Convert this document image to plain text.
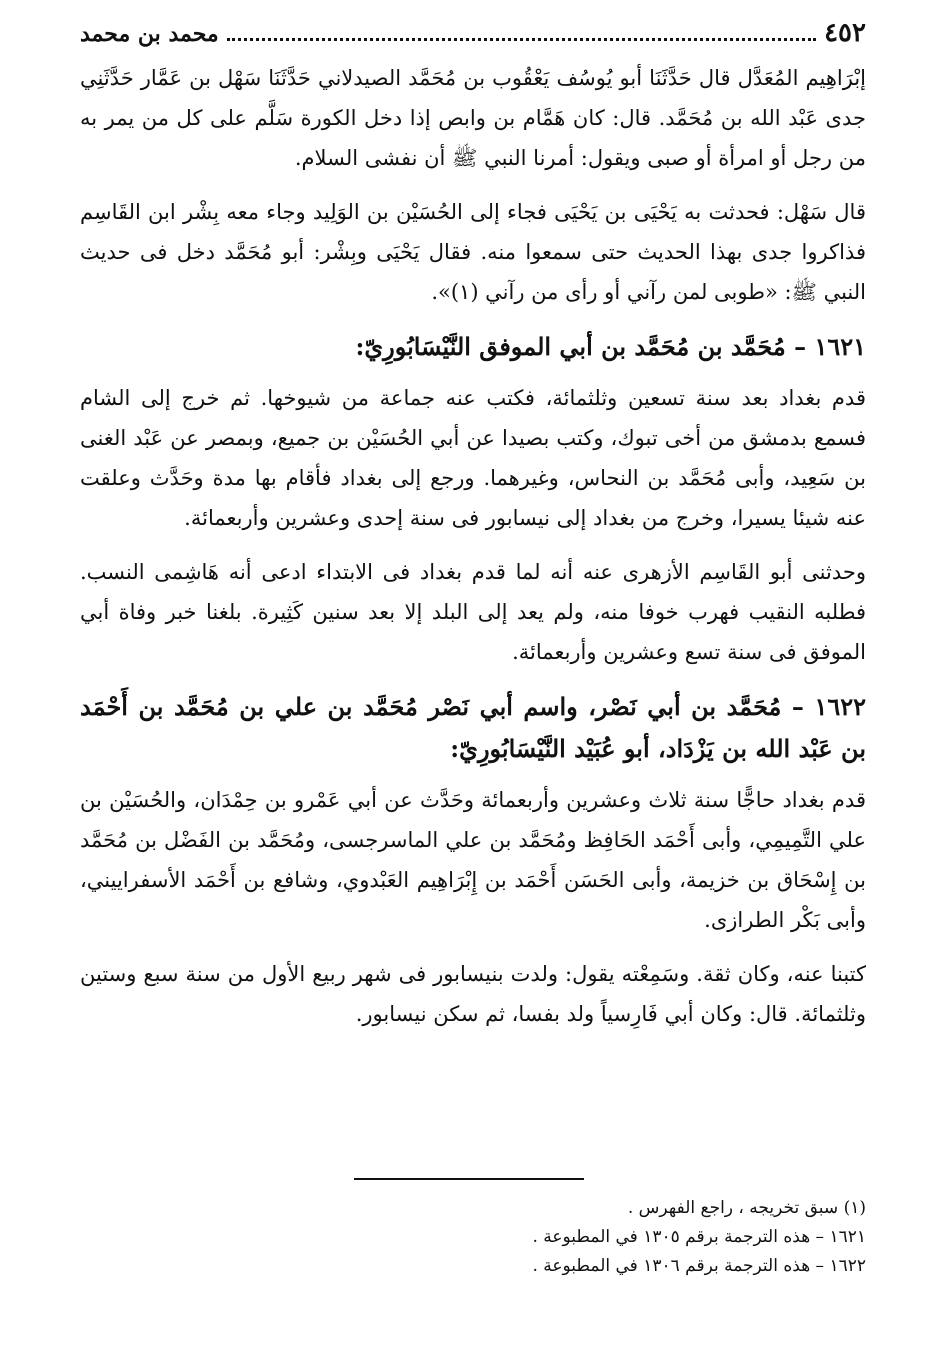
٤٥٢
محمد بن محمد

إبْرَاهِيم المُعَدَّل قال حَدَّثَنَا أبو يُوسُف يَعْقُوب بن مُحَمَّد الصيدلاني حَدَّثَنَا سَهْل بن عَمَّار حَدَّثَنِي جدى عَبْد الله بن مُحَمَّد. قال: كان هَمَّام بن وابص إذا دخل الكورة سَلَّم على كل من يمر به من رجل أو امرأة أو صبى ويقول: أمرنا النبي ﷺ أن نفشى السلام.

قال سَهْل: فحدثت به يَحْيَى بن يَحْيَى فجاء إلى الحُسَيْن بن الوَلِيد وجاء معه بِشْر ابن القَاسِم فذاكروا جدى بهذا الحديث حتى سمعوا منه. فقال يَحْيَى وبِشْر: أبو مُحَمَّد دخل فى حديث النبي ﷺ: «طوبى لمن رآني أو رأى من رآني (١)».

١٦٢١ – مُحَمَّد بن مُحَمَّد بن أبي الموفق النَّيْسَابُورِيّ:

قدم بغداد بعد سنة تسعين وثلثمائة، فكتب عنه جماعة من شيوخها. ثم خرج إلى الشام فسمع بدمشق من أخى تبوك، وكتب بصيدا عن أبي الحُسَيْن بن جميع، وبمصر عن عَبْد الغنى بن سَعِيد، وأبى مُحَمَّد بن النحاس، وغيرهما. ورجع إلى بغداد فأقام بها مدة وحَدَّث وعلقت عنه شيئا يسيرا، وخرج من بغداد إلى نيسابور فى سنة إحدى وعشرين وأربعمائة.

وحدثنى أبو القَاسِم الأزهرى عنه أنه لما قدم بغداد فى الابتداء ادعى أنه هَاشِمى النسب. فطلبه النقيب فهرب خوفا منه، ولم يعد إلى البلد إلا بعد سنين كَثِيرة. بلغنا خبر وفاة أبي الموفق فى سنة تسع وعشرين وأربعمائة.

١٦٢٢ – مُحَمَّد بن أبي نَصْر، واسم أبي نَصْر مُحَمَّد بن علي بن مُحَمَّد بن أَحْمَد بن عَبْد الله بن يَزْدَاد، أبو عُبَيْد النَّيْسَابُورِيّ:

قدم بغداد حاجًّا سنة ثلاث وعشرين وأربعمائة وحَدَّث عن أبي عَمْرو بن حِمْدَان، والحُسَيْن بن علي التَّمِيمِي، وأبى أَحْمَد الحَافِظ ومُحَمَّد بن علي الماسرجسى، ومُحَمَّد بن الفَضْل بن مُحَمَّد بن إِسْحَاق بن خزيمة، وأبى الحَسَن أَحْمَد بن إِبْرَاهِيم العَبْدوي، وشافع بن أَحْمَد الأسفراييني، وأبى بَكْر الطرازى.

كتبنا عنه، وكان ثقة. وسَمِعْته يقول: ولدت بنيسابور فى شهر ربيع الأول من سنة سبع وستين وثلثمائة. قال: وكان أبي فَارِسياً ولد بفسا، ثم سكن نيسابور.

(١) سبق تخريجه ، راجع الفهرس .
١٦٢١ – هذه الترجمة برقم ١٣٠٥ في المطبوعة .
١٦٢٢ – هذه الترجمة برقم ١٣٠٦ في المطبوعة .
